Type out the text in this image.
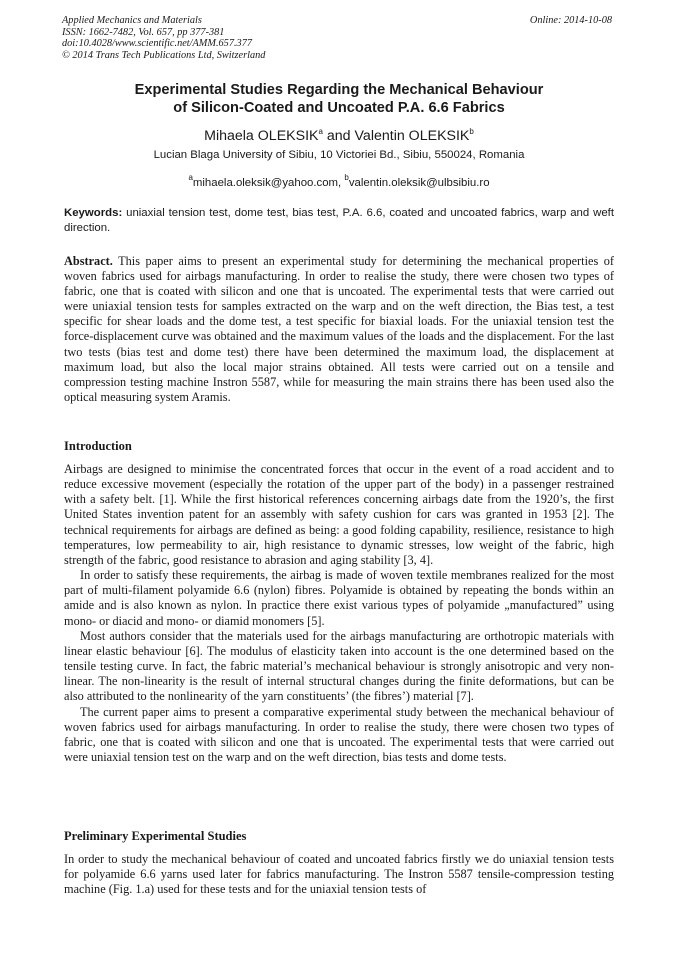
Applied Mechanics and Materials
ISSN: 1662-7482, Vol. 657, pp 377-381
doi:10.4028/www.scientific.net/AMM.657.377
© 2014 Trans Tech Publications Ltd, Switzerland
Online: 2014-10-08
Experimental Studies Regarding the Mechanical Behaviour
of Silicon-Coated and Uncoated P.A. 6.6 Fabrics
Mihaela OLEKSIK$^a$ and Valentin OLEKSIK$^b$
Lucian Blaga University of Sibiu, 10 Victoriei Bd., Sibiu, 550024, Romania
$^a$mihaela.oleksik@yahoo.com, $^b$valentin.oleksik@ulbsibiu.ro
Keywords: uniaxial tension test, dome test, bias test, P.A. 6.6, coated and uncoated fabrics, warp and weft direction.
Abstract. This paper aims to present an experimental study for determining the mechanical properties of woven fabrics used for airbags manufacturing. In order to realise the study, there were chosen two types of fabric, one that is coated with silicon and one that is uncoated. The experimental tests that were carried out were uniaxial tension tests for samples extracted on the warp and on the weft direction, the Bias test, a test specific for shear loads and the dome test, a test specific for biaxial loads. For the uniaxial tension test the force-displacement curve was obtained and the maximum values of the loads and the displacement. For the last two tests (bias test and dome test) there have been determined the maximum load, the displacement at maximum load, but also the local major strains obtained. All tests were carried out on a tensile and compression testing machine Instron 5587, while for measuring the main strains there has been used also the optical measuring system Aramis.
Introduction

Airbags are designed to minimise the concentrated forces that occur in the event of a road accident and to reduce excessive movement (especially the rotation of the upper part of the body) in a passenger restrained with a safety belt. [1]. While the first historical references concerning airbags date from the 1920’s, the first United States invention patent for an assembly with safety cushion for cars was granted in 1953 [2]. The technical requirements for airbags are defined as being: a good folding capability, resilience, resistance to high temperatures, low permeability to air, high resistance to dynamic stresses, low weight of the fabric, high strength of the fabric, good resistance to abrasion and aging stability [3, 4].

In order to satisfy these requirements, the airbag is made of woven textile membranes realized for the most part of multi-filament polyamide 6.6 (nylon) fibres. Polyamide is obtained by repeating the bonds within an amide and is also known as nylon. In practice there exist various types of polyamide „manufactured” using mono- or diacid and mono- or diamid monomers [5].

Most authors consider that the materials used for the airbags manufacturing are orthotropic materials with linear elastic behaviour [6]. The modulus of elasticity taken into account is the one determined based on the tensile testing curve. In fact, the fabric material’s mechanical behaviour is strongly anisotropic and very non-linear. The non-linearity is the result of internal structural changes during the finite deformations, but can be also attributed to the nonlinearity of the yarn constituents’ (the fibres’) material [7].

The current paper aims to present a comparative experimental study between the mechanical behaviour of woven fabrics used for airbags manufacturing. In order to realise the study, there were chosen two types of fabric, one that is coated with silicon and one that is uncoated. The experimental tests that were carried out were uniaxial tension test on the warp and on the weft direction, bias tests and dome tests.

Preliminary Experimental Studies

In order to study the mechanical behaviour of coated and uncoated fabrics firstly we do uniaxial tension tests for polyamide 6.6 yarns used later for fabrics manufacturing. The Instron 5587 tensile-compression testing machine (Fig. 1.a) used for these tests and for the uniaxial tension tests of
